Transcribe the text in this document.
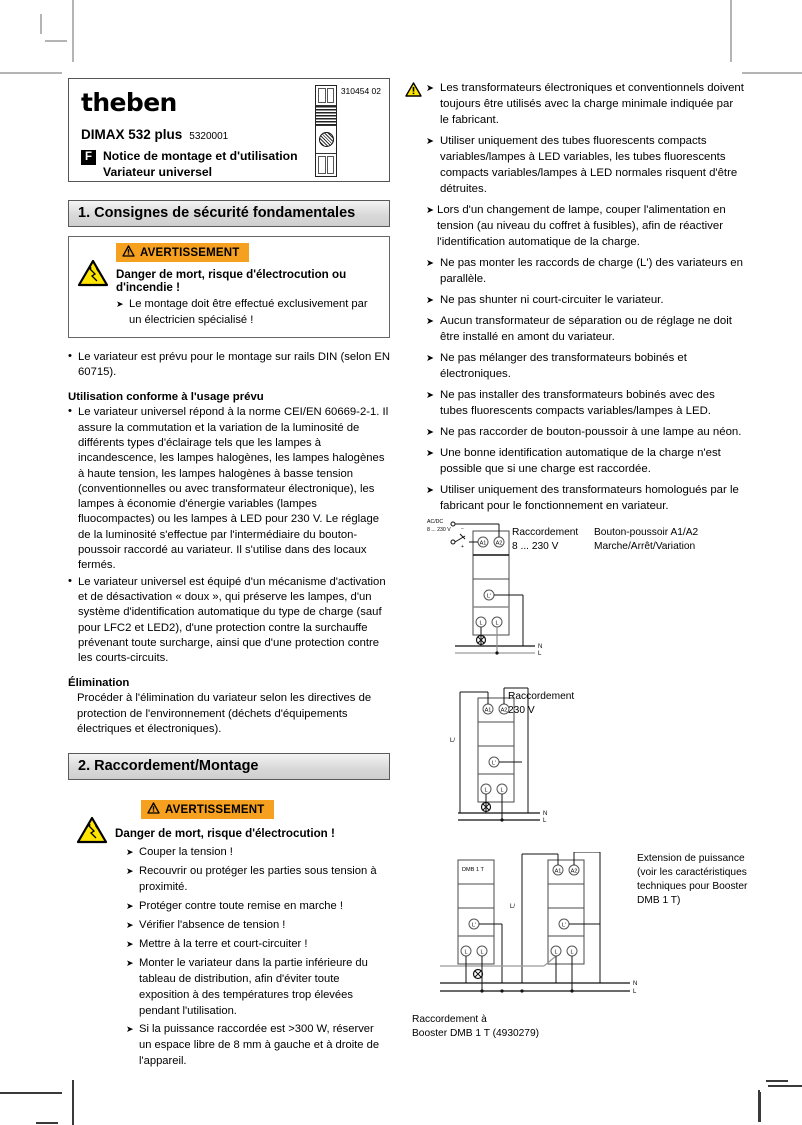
310454 02
theben
DIMAX 532 plus 5320001
F Notice de montage et d'utilisation
Variateur universel
1. Consignes de sécurité fondamentales
AVERTISSEMENT
Danger de mort, risque d'électrocution ou d'incendie !
➤ Le montage doit être effectué exclusivement par un électricien spécialisé !
• Le variateur est prévu pour le montage sur rails DIN (selon EN 60715).
Utilisation conforme à l'usage prévu
• Le variateur universel répond à la norme CEI/EN 60669-2-1. Il assure la commutation et la variation de la luminosité de différents types d'éclairage tels que les lampes à incandescence, les lampes halogènes, les lampes halogènes à haute tension, les lampes halogènes à basse tension (conventionnelles ou avec transformateur électronique), les lampes à économie d'énergie variables (lampes fluocompactes) ou les lampes à LED pour 230 V. Le réglage de la luminosité s'effectue par l'intermédiaire du bouton-poussoir raccordé au variateur. Il s'utilise dans des locaux fermés.
• Le variateur universel est équipé d'un mécanisme d'activation et de désactivation « doux », qui préserve les lampes, d'un système d'identification automatique du type de charge (sauf pour LFC2 et LED2), d'une protection contre la surchauffe prévenant toute surcharge, ainsi que d'une protection contre les courts-circuits.
Élimination
Procéder à l'élimination du variateur selon les directives de protection de l'environnement (déchets d'équipements électriques et électroniques).
2. Raccordement/Montage
AVERTISSEMENT
Danger de mort, risque d'électrocution !
➤ Couper la tension !
➤ Recouvrir ou protéger les parties sous tension à proximité.
➤ Protéger contre toute remise en marche !
➤ Vérifier l'absence de tension !
➤ Mettre à la terre et court-circuiter !
➤ Monter le variateur dans la partie inférieure du tableau de distribution, afin d'éviter toute exposition à des températures trop élevées pendant l'utilisation.
➤ Si la puissance raccordée est >300 W, réserver un espace libre de 8 mm à gauche et à droite de l'appareil.
➤ Les transformateurs électroniques et conventionnels doivent toujours être utilisés avec la charge minimale indiquée par le fabricant.
➤ Utiliser uniquement des tubes fluorescents compacts variables/lampes à LED variables, les tubes fluorescents compacts variables/lampes à LED normales risquent d'être détruites.
➤ Lors d'un changement de lampe, couper l'alimentation en tension (au niveau du coffret à fusibles), afin de réactiver l'identification automatique de la charge.
➤ Ne pas monter les raccords de charge (L') des variateurs en parallèle.
➤ Ne pas shunter ni court-circuiter le variateur.
➤ Aucun transformateur de séparation ou de réglage ne doit être installé en amont du variateur.
➤ Ne pas mélanger des transformateurs bobinés et électroniques.
➤ Ne pas installer des transformateurs bobinés avec des tubes fluorescents compacts variables/lampes à LED.
➤ Ne pas raccorder de bouton-poussoir à une lampe au néon.
➤ Une bonne identification automatique de la charge n'est possible que si une charge est raccordée.
➤ Utiliser uniquement des transformateurs homologués par le fabricant pour le fonctionnement en variateur.
A1 A2
L'
L L
−
+
AC/DC
8 ... 230 V
N
L
Raccordement
8 ... 230 V
Bouton-poussoir A1/A2
Marche/Arrêt/Variation
A1 A2
L'
L L
L/
N
L
Raccordement
230 V
DMB 1 T
L'
L L
A1 A2
L'
L L
L/
N
L
Extension de puissance (voir les caractéristiques techniques pour Booster DMB 1 T)
Raccordement à
Booster DMB 1 T (4930279)
